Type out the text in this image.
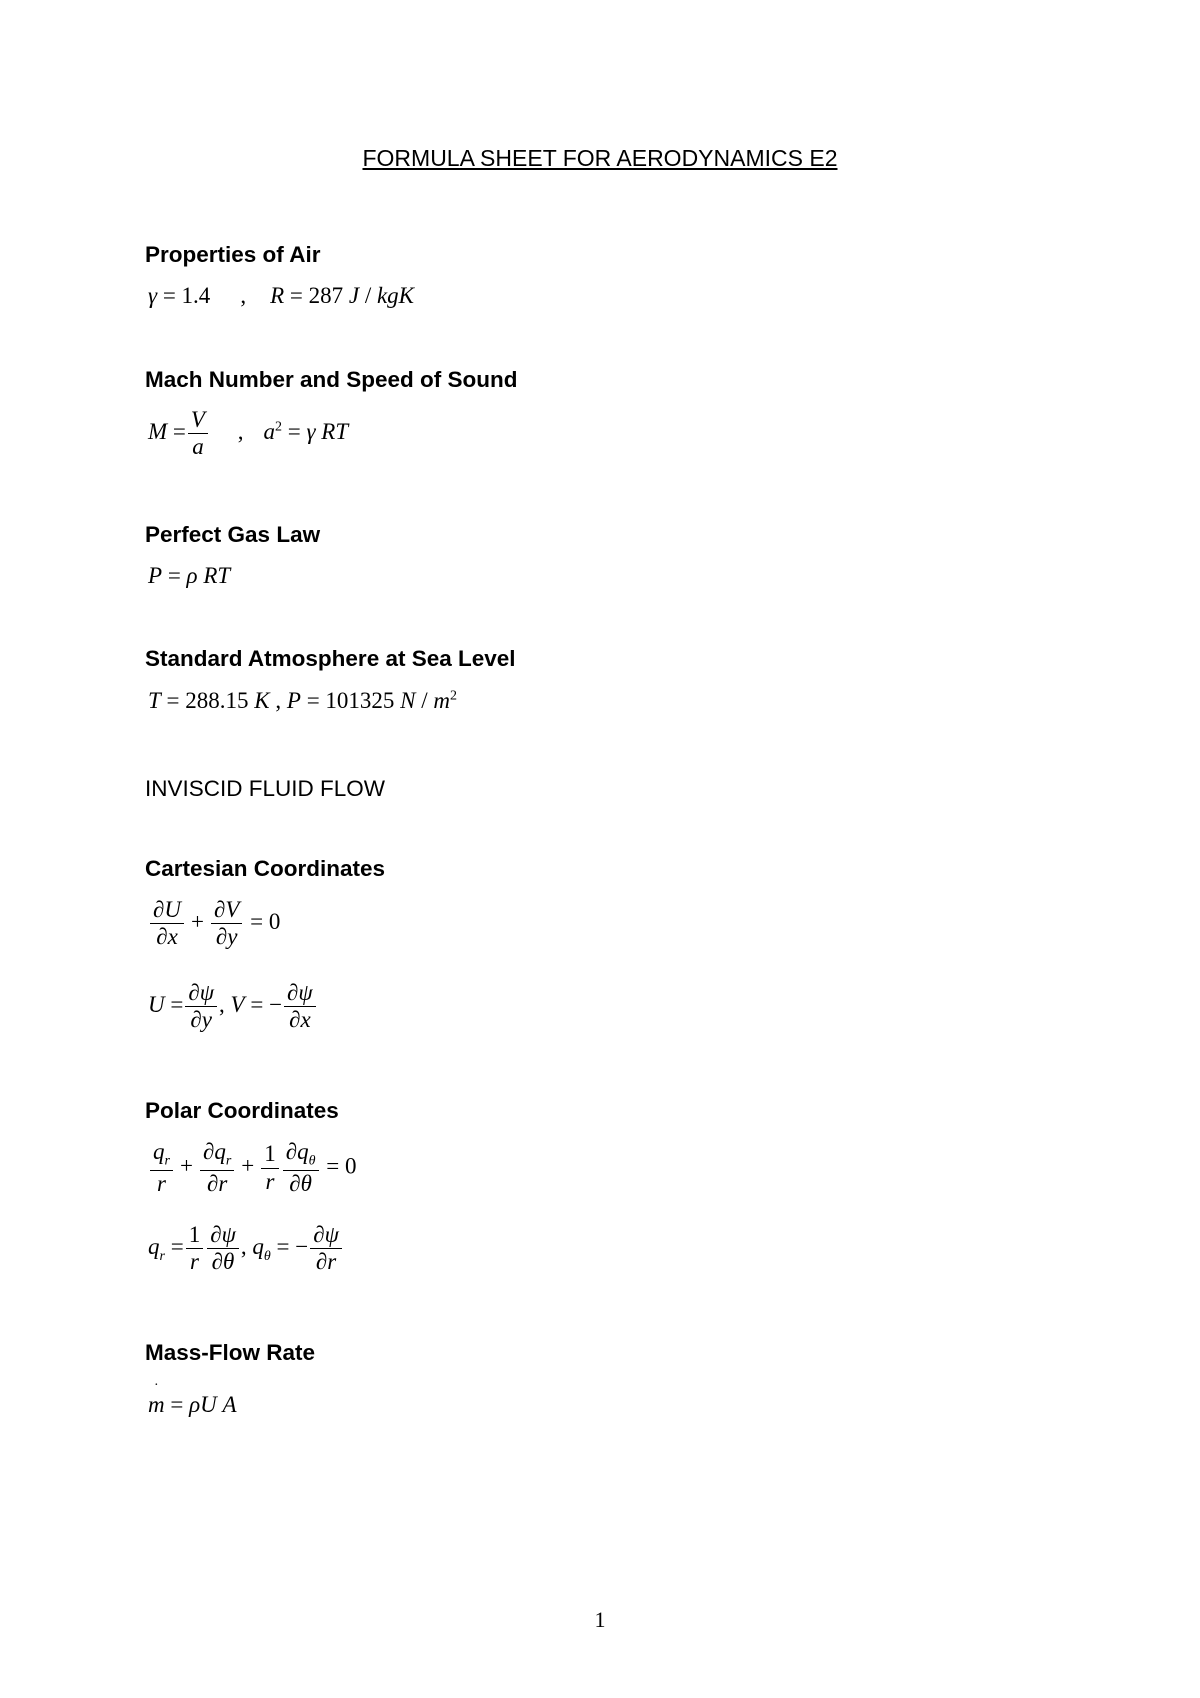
FORMULA SHEET FOR AERODYNAMICS E2
Properties of Air
γ = 1.4 , R = 287 J / kgK
Mach Number and Speed of Sound
$M = \frac{V}{a}$ , $a^2 = \gamma$ RT
Perfect Gas Law
P = ρ RT
Standard Atmosphere at Sea Level
T = 288.15 K , P = 101325 N / $m^2$
INVISCID FLUID FLOW
Cartesian Coordinates
$\frac{\partial U}{\partial x} + \frac{\partial V}{\partial y} = 0$
$U = \frac{\partial\psi}{\partial y}$ , V = − $\frac{\partial\psi}{\partial x}$
Polar Coordinates
$\frac{q_r}{r} + \frac{\partial q_r}{\partial r} + \frac{1}{r} \frac{\partial q_\theta}{\partial\theta} = 0$
$q_r = \frac{1}{r} \frac{\partial\psi}{\partial\theta}$ , $q_\theta$ = − $\frac{\partial\psi}{\partial r}$
Mass-Flow Rate
·
m = ρU A
1
